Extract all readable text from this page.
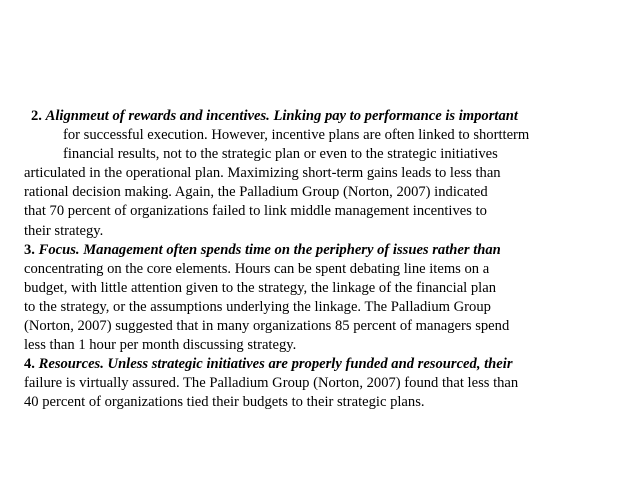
2. Alignmeut of rewards and incentives. Linking pay to performance is important
for successful execution. However, incentive plans are often linked to shortterm
financial results, not to the strategic plan or even to the strategic initiatives
articulated in the operational plan. Maximizing short-term gains leads to less than
rational decision making. Again, the Palladium Group (Norton, 2007) indicated
that 70 percent of organizations failed to link middle management incentives to
their strategy.
3. Focus. Management often spends time on the periphery of issues rather than
concentrating on the core elements. Hours can be spent debating line items on a
budget, with little attention given to the strategy, the linkage of the financial plan
to the strategy, or the assumptions underlying the linkage. The Palladium Group
(Norton, 2007) suggested that in many organizations 85 percent of managers spend
less than 1 hour per month discussing strategy.
4. Resources. Unless strategic initiatives are properly funded and resourced, their
failure is virtually assured. The Palladium Group (Norton, 2007) found that less than
40 percent of organizations tied their budgets to their strategic plans.
